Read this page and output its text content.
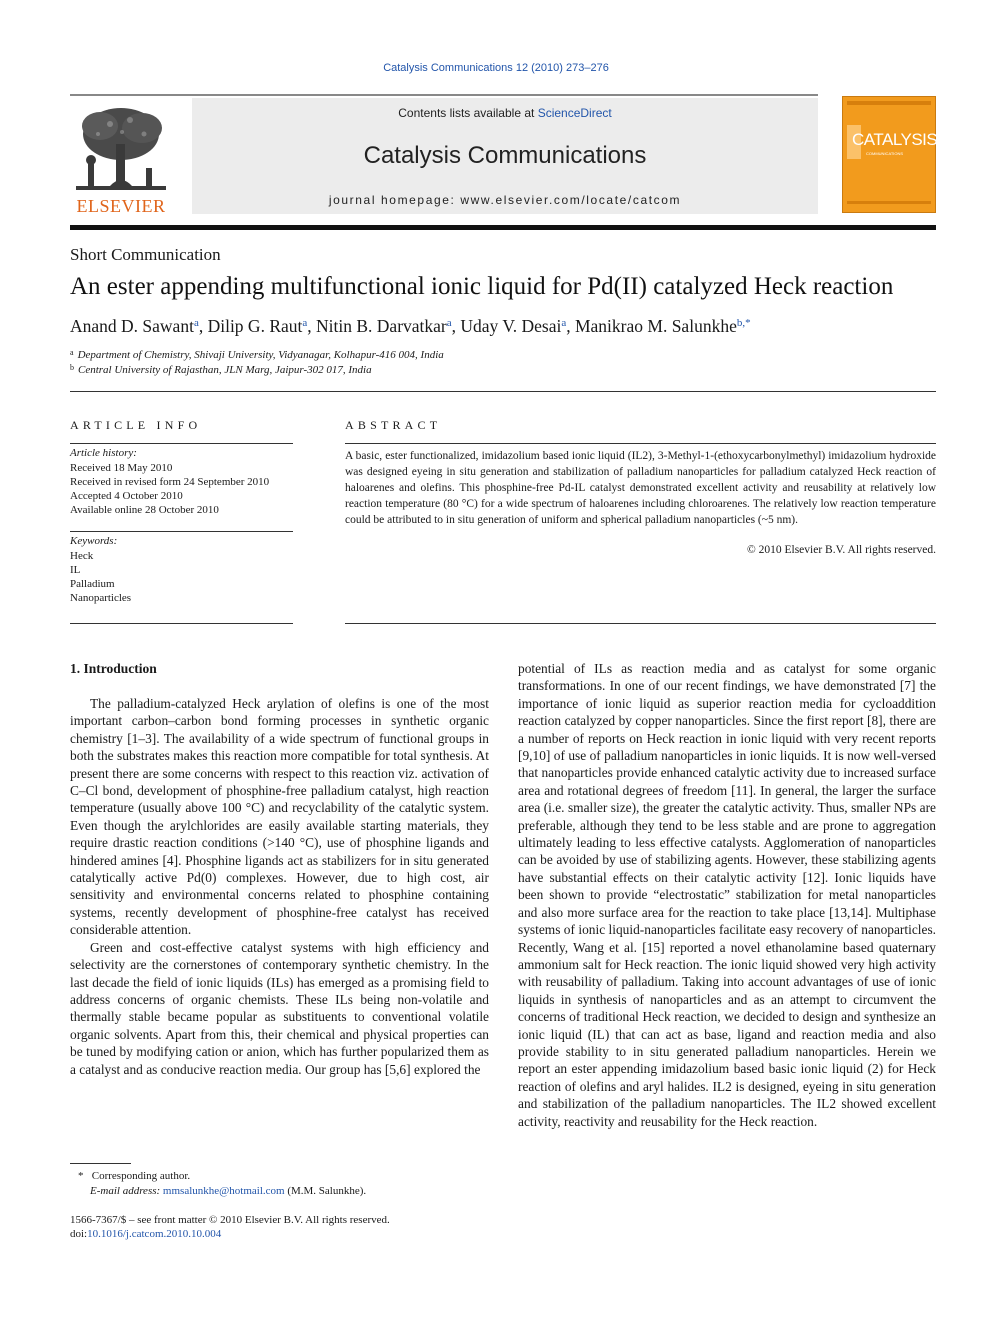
Catalysis Communications 12 (2010) 273–276
ELSEVIER
Contents lists available at ScienceDirect
Catalysis Communications
journal homepage: www.elsevier.com/locate/catcom
CATALYSIS
COMMUNICATIONS
Short Communication
An ester appending multifunctional ionic liquid for Pd(II) catalyzed Heck reaction
Anand D. Sawant$^a$, Dilip G. Raut$^a$, Nitin B. Darvatkar$^a$, Uday V. Desai$^a$, Manikrao M. Salunkhe$^{b,*}$
$^a$ Department of Chemistry, Shivaji University, Vidyanagar, Kolhapur-416 004, India
$^b$ Central University of Rajasthan, JLN Marg, Jaipur-302 017, India
ARTICLE INFO
Article history:
Received 18 May 2010
Received in revised form 24 September 2010
Accepted 4 October 2010
Available online 28 October 2010
Keywords:
Heck
IL
Palladium
Nanoparticles
ABSTRACT
A basic, ester functionalized, imidazolium based ionic liquid (IL2), 3-Methyl-1-(ethoxycarbonylmethyl) imidazolium hydroxide was designed eyeing in situ generation and stabilization of palladium nanoparticles for palladium catalyzed Heck reaction of haloarenes and olefins. This phosphine-free Pd-IL catalyst demonstrated excellent activity and reusability at relatively low reaction temperature (80 °C) for a wide spectrum of haloarenes including chloroarenes. The relatively low reaction temperature could be attributed to in situ generation of uniform and spherical palladium nanoparticles (~5 nm).
© 2010 Elsevier B.V. All rights reserved.
1. Introduction

The palladium-catalyzed Heck arylation of olefins is one of the most important carbon–carbon bond forming processes in synthetic organic chemistry [1–3]. The availability of a wide spectrum of functional groups in both the substrates makes this reaction more compatible for total synthesis. At present there are some concerns with respect to this reaction viz. activation of C–Cl bond, development of phosphine-free palladium catalyst, high reaction temperature (usually above 100 °C) and recyclability of the catalytic system. Even though the arylchlorides are easily available starting materials, they require drastic reaction conditions (>140 °C), use of phosphine ligands and hindered amines [4]. Phosphine ligands act as stabilizers for in situ generated catalytically active Pd(0) complexes. However, due to high cost, air sensitivity and environmental concerns related to phosphine containing systems, recently development of phosphine-free catalyst has received considerable attention.

Green and cost-effective catalyst systems with high efficiency and selectivity are the cornerstones of contemporary synthetic chemistry. In the last decade the field of ionic liquids (ILs) has emerged as a promising field to address concerns of organic chemists. These ILs being non-volatile and thermally stable became popular as substituents to conventional volatile organic solvents. Apart from this, their chemical and physical properties can be tuned by modifying cation or anion, which has further popularized them as a catalyst and as conducive reaction media. Our group has [5,6] explored the

potential of ILs as reaction media and as catalyst for some organic transformations. In one of our recent findings, we have demonstrated [7] the importance of ionic liquid as superior reaction media for cycloaddition reaction catalyzed by copper nanoparticles. Since the first report [8], there are a number of reports on Heck reaction in ionic liquid with very recent reports [9,10] of use of palladium nanoparticles in ionic liquids. It is now well-versed that nanoparticles provide enhanced catalytic activity due to increased surface area and rotational degrees of freedom [11]. In general, the larger the surface area (i.e. smaller size), the greater the catalytic activity. Thus, smaller NPs are preferable, although they tend to be less stable and are prone to aggregation ultimately leading to less effective catalysts. Agglomeration of nanoparticles can be avoided by use of stabilizing agents. However, these stabilizing agents have substantial effects on their catalytic activity [12]. Ionic liquids have been shown to provide “electrostatic” stabilization for metal nanoparticles and also more surface area for the reaction to take place [13,14]. Multiphase systems of ionic liquid-nanoparticles facilitate easy recovery of nanoparticles. Recently, Wang et al. [15] reported a novel ethanolamine based quaternary ammonium salt for Heck reaction. The ionic liquid showed very high activity with reusability of palladium. Taking into account advantages of use of ionic liquids in synthesis of nanoparticles and as an attempt to circumvent the concerns of traditional Heck reaction, we decided to design and synthesize an ionic liquid (IL) that can act as base, ligand and reaction media and also provide stability to in situ generated palladium nanoparticles. Herein we report an ester appending imidazolium based basic ionic liquid (2) for Heck reaction of olefins and aryl halides. IL2 is designed, eyeing in situ generation and stabilization of the palladium nanoparticles. The IL2 showed excellent activity, reactivity and reusability for the Heck reaction.

* Corresponding author.
E-mail address: mmsalunkhe@hotmail.com (M.M. Salunkhe).
1566-7367/$ – see front matter © 2010 Elsevier B.V. All rights reserved.
doi:10.1016/j.catcom.2010.10.004
